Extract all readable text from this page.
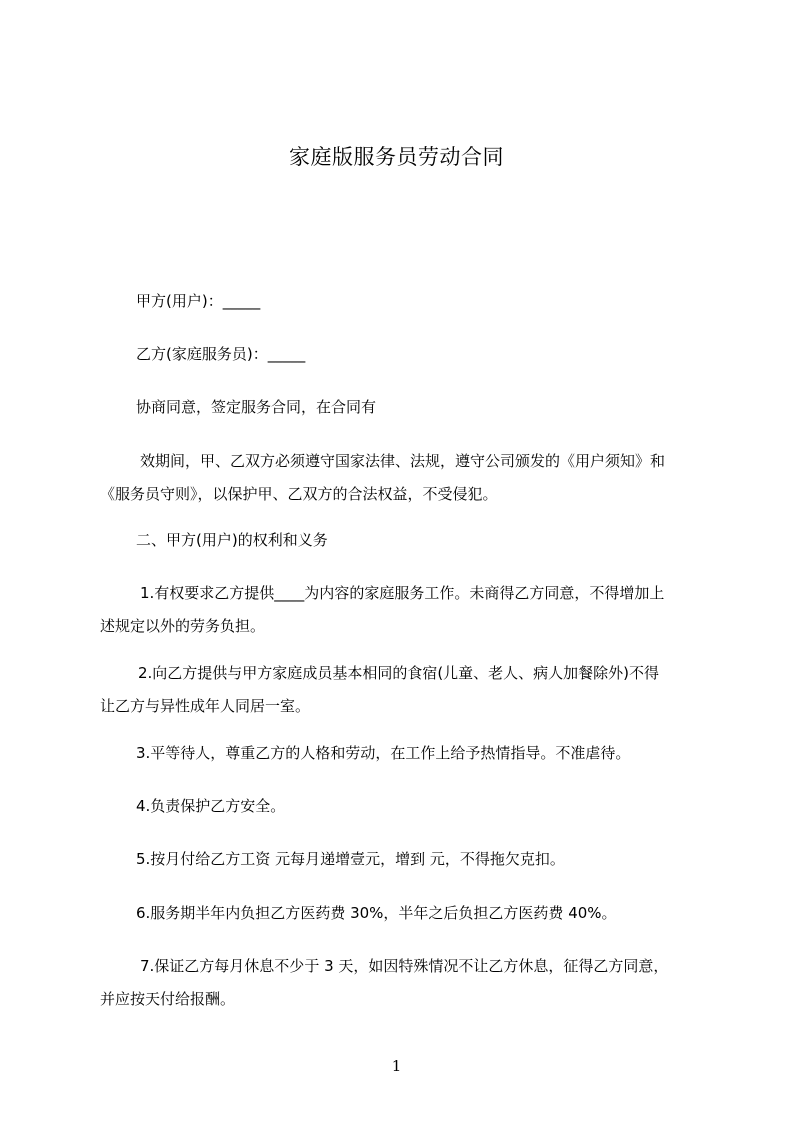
家庭版服务员劳动合同
甲方(用户)：_____
乙方(家庭服务员)：_____
协商同意，签定服务合同，在合同有
效期间，甲、乙双方必须遵守国家法律、法规，遵守公司颁发的《用户须知》和
《服务员守则》，以保护甲、乙双方的合法权益，不受侵犯。
二、甲方(用户)的权利和义务
1.有权要求乙方提供____为内容的家庭服务工作。未商得乙方同意，不得增加上
述规定以外的劳务负担。
2.向乙方提供与甲方家庭成员基本相同的食宿(儿童、老人、病人加餐除外)不得
让乙方与异性成年人同居一室。
3.平等待人，尊重乙方的人格和劳动，在工作上给予热情指导。不准虐待。
4.负责保护乙方安全。
5.按月付给乙方工资 元每月递增壹元，增到 元，不得拖欠克扣。
6.服务期半年内负担乙方医药费 30%，半年之后负担乙方医药费 40%。
7.保证乙方每月休息不少于 3 天，如因特殊情况不让乙方休息，征得乙方同意，
并应按天付给报酬。
1
